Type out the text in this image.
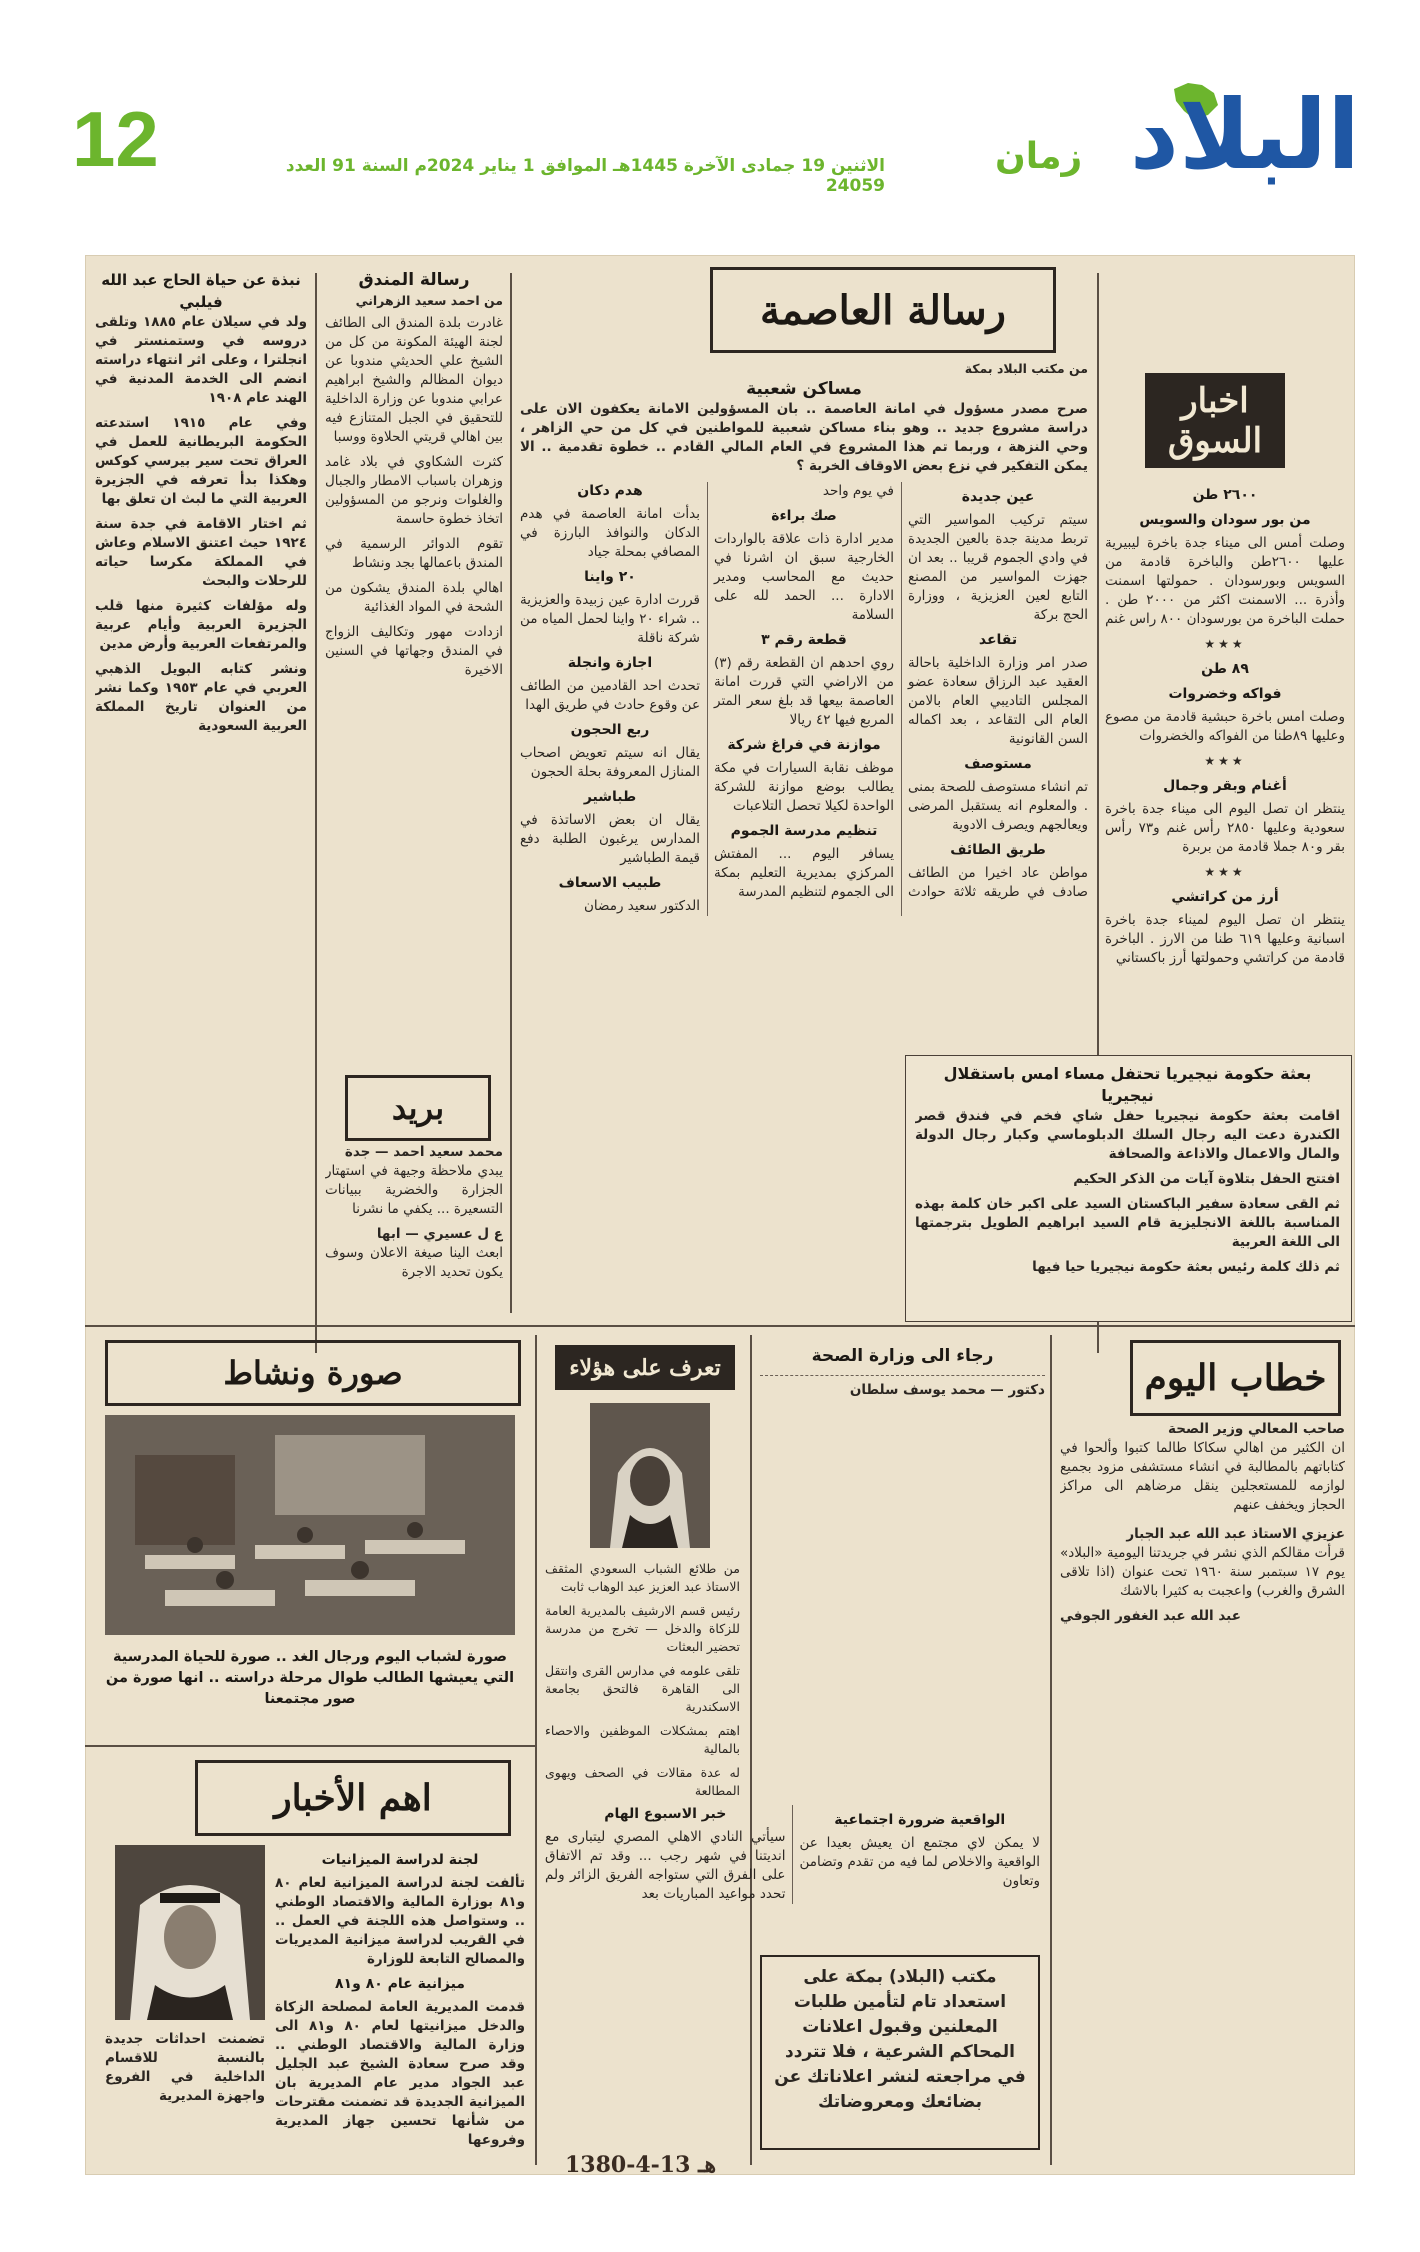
12	الاثنين 19 جمادى الآخرة 1445هـ الموافق 1 يناير 2024م السنة 91 العدد 24059
زمان البلاد
اخبار السوق
٢٦٠٠ طن
من بور سودان والسويس

وصلت أمس الى ميناء جدة باخرة ليبيرية عليها ٢٦٠٠طن والباخرة قادمة من السويس وبورسودان . حمولتها اسمنت وأذرة ... الاسمنت اكثر من ٢٠٠٠ طن . حملت الباخرة من بورسودان ٨٠٠ راس غنم

★★★
٨٩ طن
فواكه وخضروات

وصلت امس باخرة حبشية قادمة من مصوع وعليها ٨٩طنا من الفواكه والخضروات

★★★
أغنام وبقر وجمال

ينتظر ان تصل اليوم الى ميناء جدة باخرة سعودية وعليها ٢٨٥٠ رأس غنم و٧٣ رأس بقر و٨٠ جملا قادمة من بربرة

★★★
أرز من كراتشي

ينتظر ان تصل اليوم لميناء جدة باخرة اسبانية وعليها ٦١٩ طنا من الارز . الباخرة قادمة من كراتشي وحمولتها أرز باكستاني

رسالة العاصمة
من مكتب البلاد بمكة
مساكن شعبية

صرح مصدر مسؤول في امانة العاصمة .. بان المسؤولين الامانة يعكفون الان على دراسة مشروع جديد .. وهو بناء مساكن شعبية للمواطنين في كل من حي الزاهر ، وحي النزهة ، وربما تم هذا المشروع في العام المالي القادم .. خطوة تقدمية .. الا يمكن التفكير في نزع بعض الاوقاف الخربة ؟

عين جديدة

سيتم تركيب المواسير التي تربط مدينة جدة بالعين الجديدة في وادي الجموم قريبا .. بعد ان جهزت المواسير من المصنع التابع لعين العزيزية ، ووزارة الحج بركة

تقاعد

صدر امر وزارة الداخلية باحالة العقيد عبد الرزاق سعادة عضو المجلس التاديبي العام بالامن العام الى التقاعد ، بعد اكماله السن القانونية

مستوصف

تم انشاء مستوصف للصحة بمنى . والمعلوم انه يستقبل المرضى ويعالجهم ويصرف الادوية

طريق الطائف

مواطن عاد اخيرا من الطائف صادف في طريقه ثلاثة حوادث في يوم واحد

صك براءة

مدير ادارة ذات علاقة بالواردات الخارجية سبق ان اشرنا في حديث مع المحاسب ومدير الادارة ... الحمد لله على السلامة

قطعة رقم ٣

روي احدهم ان القطعة رقم (٣) من الاراضي التي قررت امانة العاصمة بيعها قد بلغ سعر المتر المربع فيها ٤٢ ريالا

موازنة في فراغ شركة

موظف نقابة السيارات في مكة يطالب بوضع موازنة للشركة الواحدة لكيلا تحصل التلاعبات

تنظيم مدرسة الجموم

يسافر اليوم ... المفتش المركزي بمديرية التعليم بمكة الى الجموم لتنظيم المدرسة

هدم دكان

بدأت امانة العاصمة في هدم الدكان والنوافذ البارزة في المصافي بمحلة جياد

٢٠ واينا

قررت ادارة عين زبيدة والعزيزية .. شراء ٢٠ واينا لحمل المياه من شركة ناقلة

اجازة وانجلة

تحدث احد القادمين من الطائف عن وقوع حادث في طريق الهدا

ربع الحجون

يقال انه سيتم تعويض اصحاب المنازل المعروفة بحلة الحجون

طباشير

يقال ان بعض الاساتذة في المدارس يرغبون الطلبة دفع قيمة الطباشير

طبيب الاسعاف

الدكتور سعيد رمضان

بعثة حكومة نيجيريا تحتفل مساء امس باستقلال نيجيريا

اقامت بعثة حكومة نيجيريا حفل شاي فخم في فندق قصر الكندرة دعت اليه رجال السلك الدبلوماسي وكبار رجال الدولة والمال والاعمال والاذاعة والصحافة

افتتح الحفل بتلاوة آيات من الذكر الحكيم

ثم القى سعادة سفير الباكستان السيد على اكبر خان كلمة بهذه المناسبة باللغة الانجليزية قام السيد ابراهيم الطويل بترجمتها الى اللغة العربية

ثم ذلك كلمة رئيس بعثة حكومة نيجيريا حيا فيها

رسالة المندق
من احمد سعيد الزهراني

غادرت بلدة المندق الى الطائف لجنة الهيئة المكونة من كل من الشيخ علي الحديثي مندوبا عن ديوان المظالم والشيخ ابراهيم عرابي مندوبا عن وزارة الداخلية للتحقيق في الجبل المتنازع فيه بين اهالي قريتي الحلاوة ووسبا

كثرت الشكاوي في بلاد غامد وزهران باسباب الامطار والجبال والغلوات ونرجو من المسؤولين اتخاذ خطوة حاسمة

تقوم الدوائر الرسمية في المندق باعمالها بجد ونشاط

اهالي بلدة المندق يشكون من الشحة في المواد الغذائية

ازدادت مهور وتكاليف الزواج في المندق وجهاتها في السنين الاخيرة

بريد
محمد سعيد احمد — جدة

يبدي ملاحظة وجيهة في استهتار الجزارة والخضرية ببيانات التسعيرة ... يكفي ما نشرنا

ع ل عسيري — ابها

ابعث الينا صيغة الاعلان وسوف يكون تحديد الاجرة

نبذة عن حياة الحاج عبد الله فيلبي

ولد في سيلان عام ١٨٨٥ وتلقى دروسه في وستمنستر في انجلترا ، وعلى اثر انتهاء دراسته انضم الى الخدمة المدنية في الهند عام ١٩٠٨

وفي عام ١٩١٥ استدعته الحكومة البريطانية للعمل في العراق تحت سير بيرسي كوكس وهكذا بدأ تعرفه في الجزيرة العربية التي ما لبث ان تعلق بها

ثم اختار الاقامة في جدة سنة ١٩٢٤ حيث اعتنق الاسلام وعاش في المملكة مكرسا حياته للرحلات والبحث

وله مؤلفات كثيرة منها قلب الجزيرة العربية وأيام عربية والمرتفعات العربية وأرض مدين

ونشر كتابه البويل الذهبي العربي في عام ١٩٥٣ وكما نشر من العنوان تاريخ المملكة العربية السعودية

خطاب اليوم
صاحب المعالي وزير الصحة

ان الكثير من اهالي سكاكا طالما كتبوا وألحوا في كتاباتهم بالمطالبة في انشاء مستشفى مزود بجميع لوازمه للمستعجلين ينقل مرضاهم الى مراكز الحجاز ويخفف عنهم

عزيزي الاستاذ عبد الله عبد الجبار

قرأت مقالكم الذي نشر في جريدتنا اليومية «البلاد» يوم ١٧ سبتمبر سنة ١٩٦٠ تحت عنوان (اذا تلاقى الشرق والغرب) واعجبت به كثيرا بالاشك

عبد الله عبد الغفور الجوفي
رجاء الى وزارة الصحة
دكتور — محمد يوسف سلطان
الواقعية ضرورة اجتماعية

لا يمكن لاي مجتمع ان يعيش بعيدا عن الواقعية والاخلاص لما فيه من تقدم وتضامن وتعاون

خبر الاسبوع الهام

سيأتي النادي الاهلي المصري ليتبارى مع انديتنا في شهر رجب ... وقد تم الاتفاق على الفرق التي ستواجه الفريق الزائر ولم تحدد مواعيد المباريات بعد

مكتب (البلاد) بمكة على استعداد تام لتأمين طلبات المعلنين وقبول اعلانات المحاكم الشرعية ، فلا تتردد في مراجعته لنشر اعلاناتك عن بضائعك ومعروضاتك
تعرف على هؤلاء

من طلائع الشباب السعودي المثقف الاستاذ عبد العزيز عبد الوهاب ثابت

رئيس قسم الارشيف بالمديرية العامة للزكاة والدخل — تخرج من مدرسة تحضير البعثات

تلقى علومه في مدارس القرى وانتقل الى القاهرة فالتحق بجامعة الاسكندرية

اهتم بمشكلات الموظفين والاحصاء بالمالية

له عدة مقالات في الصحف ويهوى المطالعة

صورة ونشاط
صورة لشباب اليوم ورجال الغد .. صورة للحياة المدرسية التي يعيشها الطالب طوال مرحلة دراسته .. انها صورة من صور مجتمعنا
اهم الأخبار
لجنة لدراسة الميزانيات

تألفت لجنة لدراسة الميزانية لعام ٨٠ و٨١ بوزارة المالية والاقتصاد الوطني .. وستواصل هذه اللجنة في العمل .. في القريب لدراسة ميزانية المديريات والمصالح التابعة للوزارة

ميزانية عام ٨٠ و٨١

قدمت المديرية العامة لمصلحة الزكاة والدخل ميزانيتها لعام ٨٠ و٨١ الى وزارة المالية والاقتصاد الوطني .. وقد صرح سعادة الشيخ عبد الجليل عبد الجواد مدير عام المديرية بان الميزانية الجديدة قد تضمنت مقترحات من شأنها تحسين جهاز المديرية وفروعها

تضمنت احداثات جديدة بالنسبة للاقسام الداخلية في الفروع واجهزة المديرية

1380-4-13 هـ
